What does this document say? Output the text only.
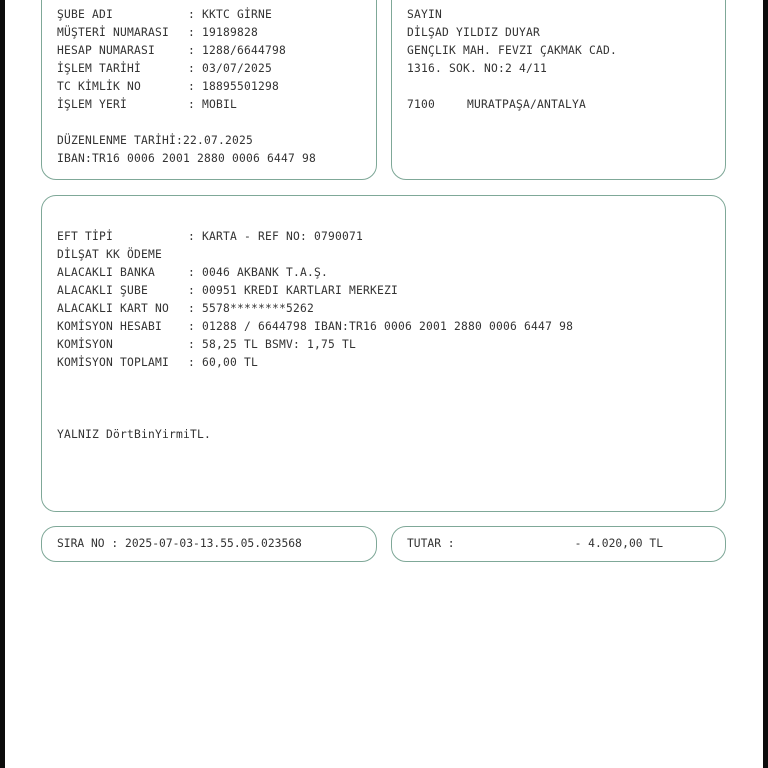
ŞUBE ADI	: KKTC GİRNE
MÜŞTERİ NUMARASI : 19189828
HESAP NUMARASI	: 1288/6644798
İŞLEM TARİHİ	: 03/07/2025
TC KİMLİK NO	: 18895501298
İŞLEM YERİ	: MOBIL
DÜZENLENME TARİHİ:22.07.2025
IBAN:TR16 0006 2001 2880 0006 6447 98
SAYIN
DİLŞAD YILDIZ DUYAR
GENÇLIK MAH. FEVZI ÇAKMAK CAD.
1316. SOK. NO:2 4/11
7100	MURATPAŞA/ANTALYA
EFT TİPİ	: KARTA - REF NO: 0790071
DİLŞAT KK ÖDEME
ALACAKLI BANKA	: 0046 AKBANK T.A.Ş.
ALACAKLI ŞUBE	: 00951 KREDI KARTLARI MERKEZI
ALACAKLI KART NO : 5578********5262
KOMİSYON HESABI : 01288 / 6644798 IBAN:TR16 0006 2001 2880 0006 6447 98
KOMİSYON	: 58,25 TL BSMV: 1,75 TL
KOMİSYON TOPLAMI : 60,00 TL
YALNIZ DörtBinYirmiTL.
SIRA NO : 2025-07-03-13.55.05.023568	TUTAR :	- 4.020,00 TL
